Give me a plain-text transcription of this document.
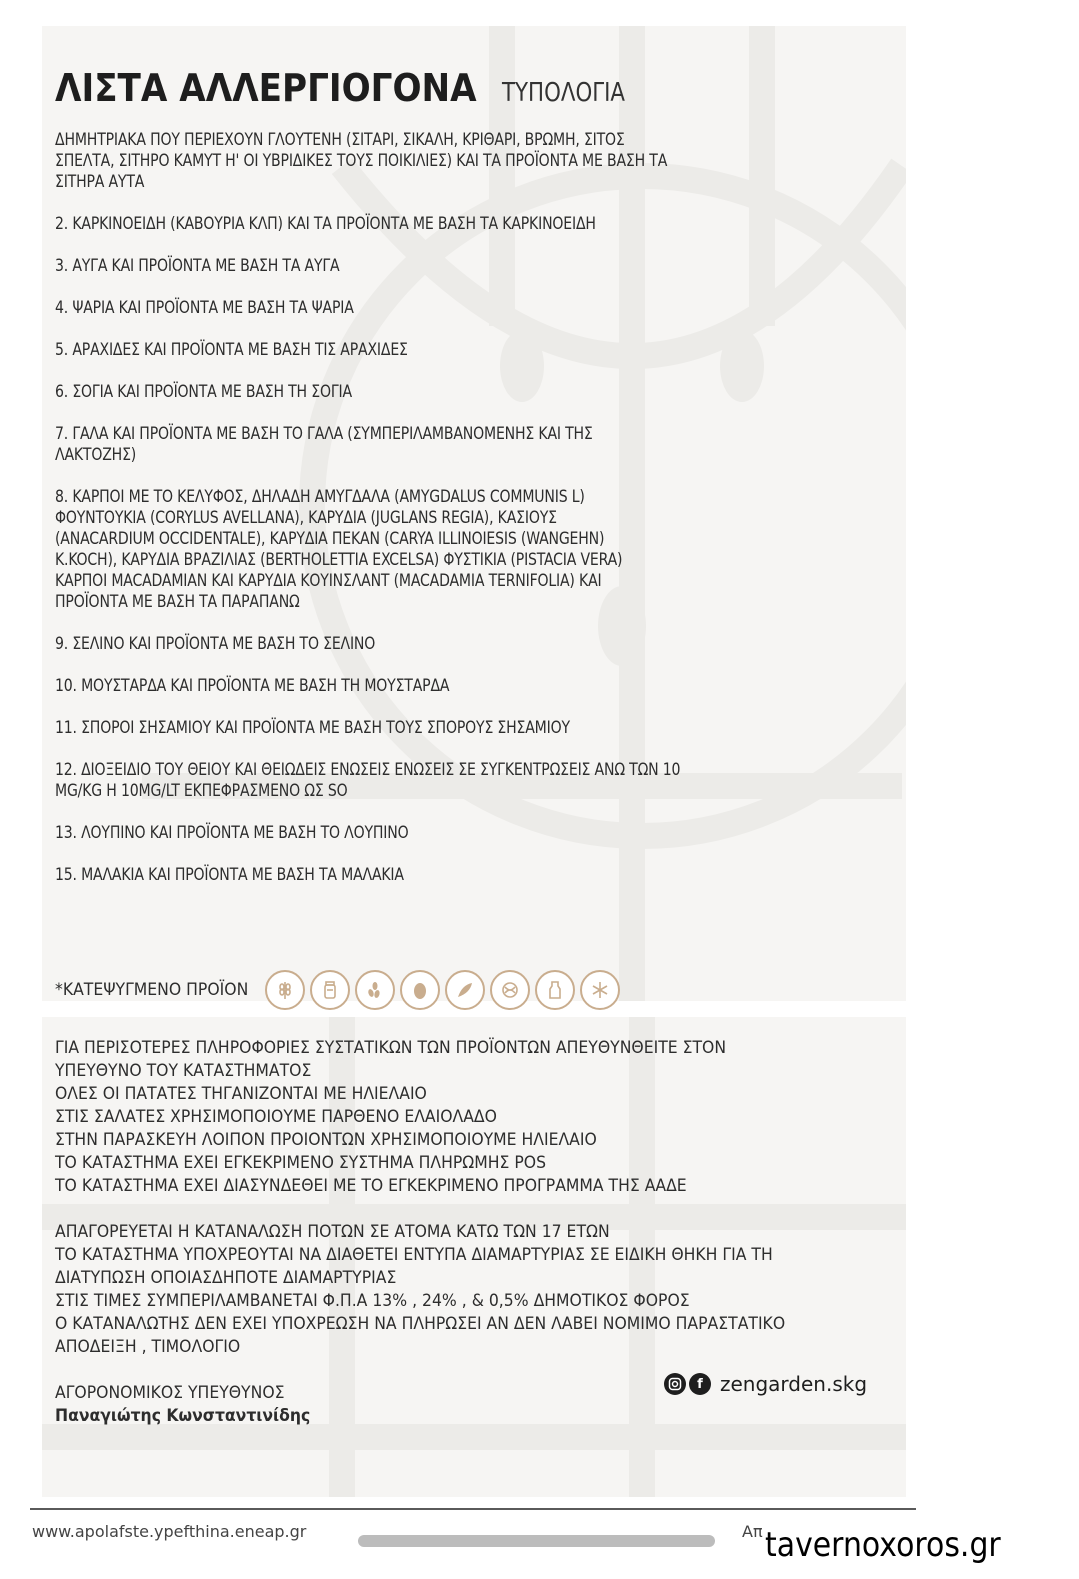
ΛΙΣΤΑ ΑΛΛΕΡΓΙΟΓΟΝΑ ΤΥΠΟΛΟΓΙΑ
ΔΗΜΗΤΡΙΑΚΑ ΠΟΥ ΠΕΡΙΕΧΟΥΝ ΓΛΟΥΤΕΝΗ (ΣΙΤΑΡΙ, ΣΙΚΑΛΗ, ΚΡΙΘΑΡΙ, ΒΡΩΜΗ, ΣΙΤΟΣ
ΣΠΕΛΤΑ, ΣΙΤΗΡΟ ΚΑΜΥΤ Η' ΟΙ ΥΒΡΙΔΙΚΕΣ ΤΟΥΣ ΠΟΙΚΙΛΙΕΣ) ΚΑΙ ΤΑ ΠΡΟΪΟΝΤΑ ΜΕ ΒΑΣΗ ΤΑ
ΣΙΤΗΡΑ ΑΥΤΑ
2. ΚΑΡΚΙΝΟΕΙΔΗ (ΚΑΒΟΥΡΙΑ ΚΛΠ) ΚΑΙ ΤΑ ΠΡΟΪΟΝΤΑ ΜΕ ΒΑΣΗ ΤΑ ΚΑΡΚΙΝΟΕΙΔΗ
3. ΑΥΓΑ ΚΑΙ ΠΡΟΪΟΝΤΑ ΜΕ ΒΑΣΗ ΤΑ ΑΥΓΑ
4. ΨΑΡΙΑ ΚΑΙ ΠΡΟΪΟΝΤΑ ΜΕ ΒΑΣΗ ΤΑ ΨΑΡΙΑ
5. ΑΡΑΧΙΔΕΣ ΚΑΙ ΠΡΟΪΟΝΤΑ ΜΕ ΒΑΣΗ ΤΙΣ ΑΡΑΧΙΔΕΣ
6. ΣΟΓΙΑ ΚΑΙ ΠΡΟΪΟΝΤΑ ΜΕ ΒΑΣΗ ΤΗ ΣΟΓΙΑ
7. ΓΑΛΑ ΚΑΙ ΠΡΟΪΟΝΤΑ ΜΕ ΒΑΣΗ ΤΟ ΓΑΛΑ (ΣΥΜΠΕΡΙΛΑΜΒΑΝΟΜΕΝΗΣ ΚΑΙ ΤΗΣ
ΛΑΚΤΟΖΗΣ)
8. ΚΑΡΠΟΙ ΜΕ ΤΟ ΚΕΛΥΦΟΣ, ΔΗΛΑΔΗ ΑΜΥΓΔΑΛΑ (AMYGDALUS COMMUNIS L)
ΦΟΥΝΤΟΥΚΙΑ (CORYLUS AVELLANA), ΚΑΡΥΔΙΑ (JUGLANS REGIA), ΚΑΣΙΟΥΣ
(ANACARDIUM OCCIDENTALE), ΚΑΡΥΔΙΑ ΠΕΚΑΝ (CARYA ILLINOIESIS (WANGEHN)
K.KOCH), ΚΑΡΥΔΙΑ ΒΡΑΖΙΛΙΑΣ (BERTHOLETTIA EXCELSA) ΦΥΣΤΙΚΙΑ (PISTACIA VERA)
ΚΑΡΠΟΙ MACADAMIAN ΚΑΙ ΚΑΡΥΔΙΑ ΚΟΥΙΝΣΛΑΝΤ (MACADAMIA TERNIFOLIA) ΚΑΙ
ΠΡΟΪΟΝΤΑ ΜΕ ΒΑΣΗ ΤΑ ΠΑΡΑΠΑΝΩ
9. ΣΕΛΙΝΟ ΚΑΙ ΠΡΟΪΟΝΤΑ ΜΕ ΒΑΣΗ ΤΟ ΣΕΛΙΝΟ
10. ΜΟΥΣΤΑΡΔΑ ΚΑΙ ΠΡΟΪΟΝΤΑ ΜΕ ΒΑΣΗ ΤΗ ΜΟΥΣΤΑΡΔΑ
11. ΣΠΟΡΟΙ ΣΗΣΑΜΙΟΥ ΚΑΙ ΠΡΟΪΟΝΤΑ ΜΕ ΒΑΣΗ ΤΟΥΣ ΣΠΟΡΟΥΣ ΣΗΣΑΜΙΟΥ
12. ΔΙΟΞΕΙΔΙΟ ΤΟΥ ΘΕΙΟΥ ΚΑΙ ΘΕΙΩΔΕΙΣ ΕΝΩΣΕΙΣ ΕΝΩΣΕΙΣ ΣΕ ΣΥΓΚΕΝΤΡΩΣΕΙΣ ΑΝΩ ΤΩΝ 10
MG/KG H 10MG/LT ΕΚΠΕΦΡΑΣΜΕΝΟ ΩΣ SO
13. ΛΟΥΠΙΝΟ ΚΑΙ ΠΡΟΪΟΝΤΑ ΜΕ ΒΑΣΗ ΤΟ ΛΟΥΠΙΝΟ
15. ΜΑΛΑΚΙΑ ΚΑΙ ΠΡΟΪΟΝΤΑ ΜΕ ΒΑΣΗ ΤΑ ΜΑΛΑΚΙΑ
*ΚΑΤΕΨΥΓΜΕΝΟ ΠΡΟΪΟΝ
ΓΙΑ ΠΕΡΙΣΟΤΕΡΕΣ ΠΛΗΡΟΦΟΡΙΕΣ ΣΥΣΤΑΤΙΚΩΝ ΤΩΝ ΠΡΟΪΟΝΤΩΝ ΑΠΕΥΘΥΝΘΕΙΤΕ ΣΤΟΝ
ΥΠΕΥΘΥΝΟ ΤΟΥ ΚΑΤΑΣΤΗΜΑΤΟΣ
ΟΛΕΣ ΟΙ ΠΑΤΑΤΕΣ ΤΗΓΑΝΙΖΟΝΤΑΙ ΜΕ ΗΛΙΕΛΑΙΟ
ΣΤΙΣ ΣΑΛΑΤΕΣ ΧΡΗΣΙΜΟΠΟΙΟΥΜΕ ΠΑΡΘΕΝΟ ΕΛΑΙΟΛΑΔΟ
ΣΤΗΝ ΠΑΡΑΣΚΕΥΗ ΛΟΙΠΟΝ ΠΡΟΙΟΝΤΩΝ ΧΡΗΣΙΜΟΠΟΙΟΥΜΕ ΗΛΙΕΛΑΙΟ
ΤΟ ΚΑΤΑΣΤΗΜΑ ΕΧΕΙ ΕΓΚΕΚΡΙΜΕΝΟ ΣΥΣΤΗΜΑ ΠΛΗΡΩΜΗΣ POS
ΤΟ ΚΑΤΑΣΤΗΜΑ ΕΧΕΙ ΔΙΑΣΥΝΔΕΘΕΙ ΜΕ ΤΟ ΕΓΚΕΚΡΙΜΕΝΟ ΠΡΟΓΡΑΜΜΑ ΤΗΣ ΑΑΔΕ
ΑΠΑΓΟΡΕΥΕΤΑΙ Η ΚΑΤΑΝΑΛΩΣΗ ΠΟΤΩΝ ΣΕ ΑΤΟΜΑ ΚΑΤΩ ΤΩΝ 17 ΕΤΩΝ
ΤΟ ΚΑΤΑΣΤΗΜΑ ΥΠΟΧΡΕΟΥΤΑΙ ΝΑ ΔΙΑΘΕΤΕΙ ΕΝΤΥΠΑ ΔΙΑΜΑΡΤΥΡΙΑΣ ΣΕ ΕΙΔΙΚΗ ΘΗΚΗ ΓΙΑ ΤΗ
ΔΙΑΤΥΠΩΣΗ ΟΠΟΙΑΣΔΗΠΟΤΕ ΔΙΑΜΑΡΤΥΡΙΑΣ
ΣΤΙΣ ΤΙΜΕΣ ΣΥΜΠΕΡΙΛΑΜΒΑΝΕΤΑΙ Φ.Π.Α 13% , 24% , & 0,5% ΔΗΜΟΤΙΚΟΣ ΦΟΡΟΣ
Ο ΚΑΤΑΝΑΛΩΤΗΣ ΔΕΝ ΕΧΕΙ ΥΠΟΧΡΕΩΣΗ ΝΑ ΠΛΗΡΩΣΕΙ ΑΝ ΔΕΝ ΛΑΒΕΙ ΝΟΜΙΜΟ ΠΑΡΑΣΤΑΤΙΚΟ
ΑΠΟΔΕΙΞΗ , ΤΙΜΟΛΟΓΙΟ
ΑΓΟΡΟΝΟΜΙΚΟΣ ΥΠΕΥΘΥΝΟΣ
Παναγιώτης Κωνσταντινίδης
f zengarden.skg
www.apolafste.ypefthina.eneap.gr	Απ tavernoxoros.gr
